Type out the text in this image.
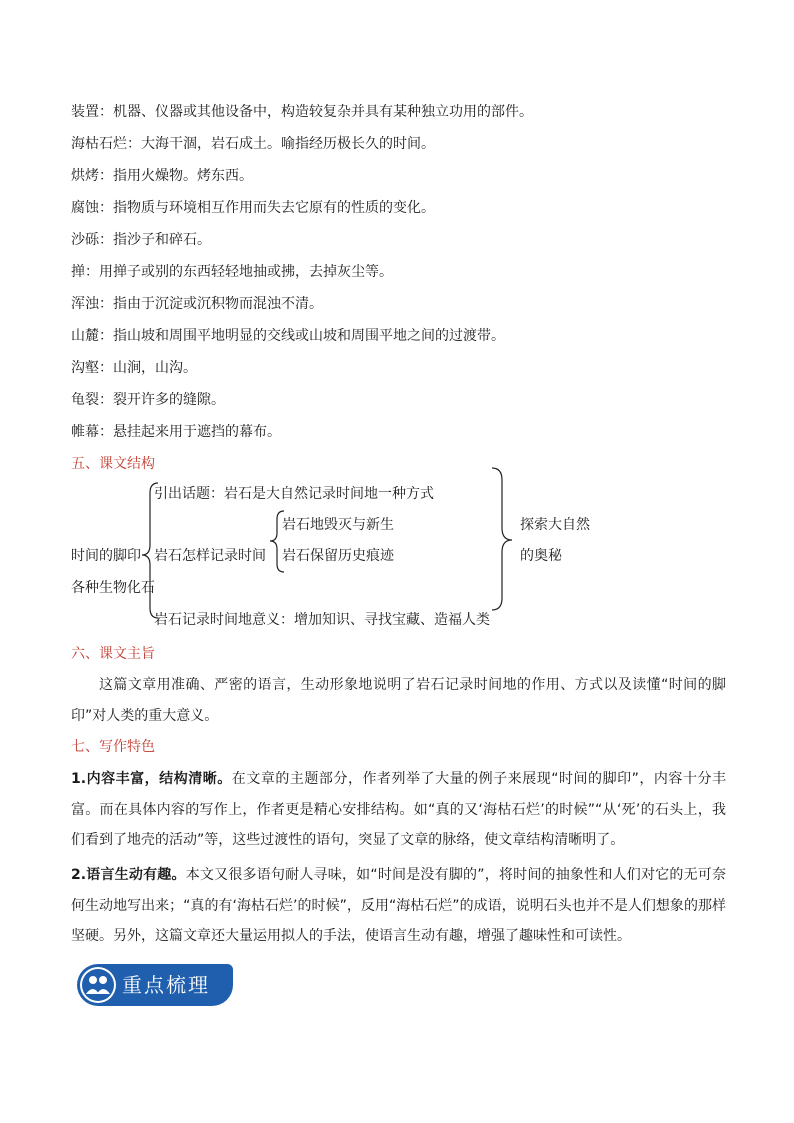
装置：机器、仪器或其他设备中，构造较复杂并具有某种独立功用的部件。
海枯石烂：大海干涸，岩石成土。喻指经历极长久的时间。
烘烤：指用火燥物。烤东西。
腐蚀：指物质与环境相互作用而失去它原有的性质的变化。
沙砾：指沙子和碎石。
掸：用掸子或别的东西轻轻地抽或拂，去掉灰尘等。
浑浊：指由于沉淀或沉积物而混浊不清。
山麓：指山坡和周围平地明显的交线或山坡和周围平地之间的过渡带。
沟壑：山涧，山沟。
龟裂：裂开许多的缝隙。
帷幕：悬挂起来用于遮挡的幕布。
五、课文结构
引出话题：岩石是大自然记录时间地一种方式
岩石地毁灭与新生
时间的脚印 岩石怎样记录时间 岩石保留历史痕迹
各种生物化石
岩石记录时间地意义：增加知识、寻找宝藏、造福人类
探索大自然
的奥秘
六、课文主旨
这篇文章用准确、严密的语言，生动形象地说明了岩石记录时间地的作用、方式以及读懂“时间的脚印”对人类的重大意义。
七、写作特色
1.内容丰富，结构清晰。在文章的主题部分，作者列举了大量的例子来展现“时间的脚印”，内容十分丰富。而在具体内容的写作上，作者更是精心安排结构。如“真的又‘海枯石烂’的时候”“从‘死’的石头上，我们看到了地壳的活动”等，这些过渡性的语句，突显了文章的脉络，使文章结构清晰明了。
2.语言生动有趣。本文又很多语句耐人寻味，如“时间是没有脚的”，将时间的抽象性和人们对它的无可奈何生动地写出来；“真的有‘海枯石烂’的时候”，反用“海枯石烂”的成语，说明石头也并不是人们想象的那样坚硬。另外，这篇文章还大量运用拟人的手法，使语言生动有趣，增强了趣味性和可读性。
重点梳理
